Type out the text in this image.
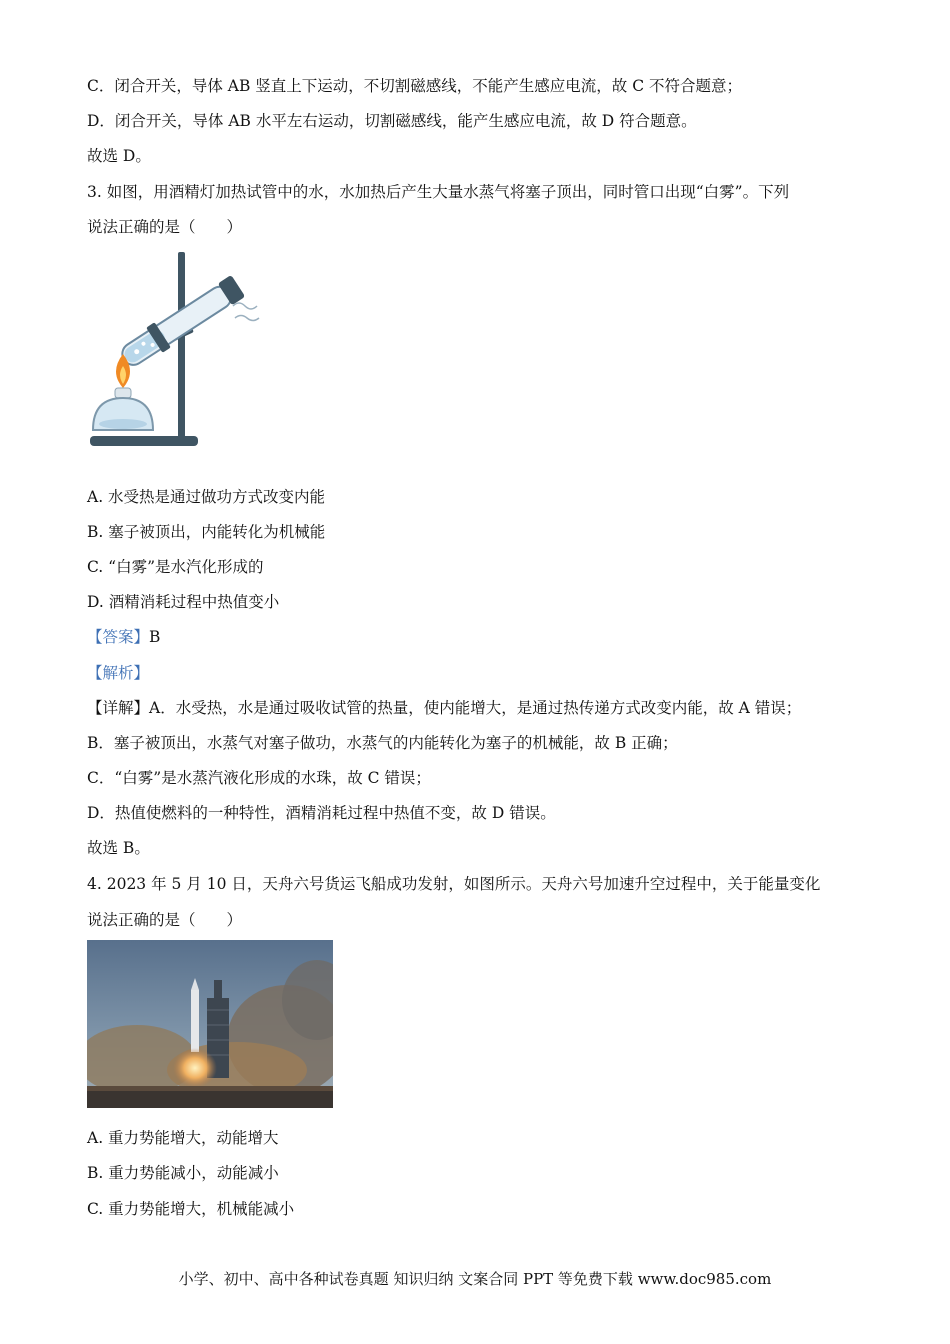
C．闭合开关，导体 AB 竖直上下运动，不切割磁感线，不能产生感应电流，故 C 不符合题意；
D．闭合开关，导体 AB 水平左右运动，切割磁感线，能产生感应电流，故 D 符合题意。
故选 D。
3. 如图，用酒精灯加热试管中的水，水加热后产生大量水蒸气将塞子顶出，同时管口出现“白雾”。下列
说法正确的是（　　）
A. 水受热是通过做功方式改变内能
B. 塞子被顶出，内能转化为机械能
C. “白雾”是水汽化形成的
D. 酒精消耗过程中热值变小
【答案】B
【解析】
【详解】A．水受热，水是通过吸收试管的热量，使内能增大，是通过热传递方式改变内能，故 A 错误；
B．塞子被顶出，水蒸气对塞子做功，水蒸气的内能转化为塞子的机械能，故 B 正确；
C．“白雾”是水蒸汽液化形成的水珠，故 C 错误；
D．热值使燃料的一种特性，酒精消耗过程中热值不变，故 D 错误。
故选 B。
4. 2023 年 5 月 10 日，天舟六号货运飞船成功发射，如图所示。天舟六号加速升空过程中，关于能量变化
说法正确的是（　　）
A. 重力势能增大，动能增大
B. 重力势能减小，动能减小
C. 重力势能增大，机械能减小
小学、初中、高中各种试卷真题 知识归纳 文案合同 PPT 等免费下载 www.doc985.com
